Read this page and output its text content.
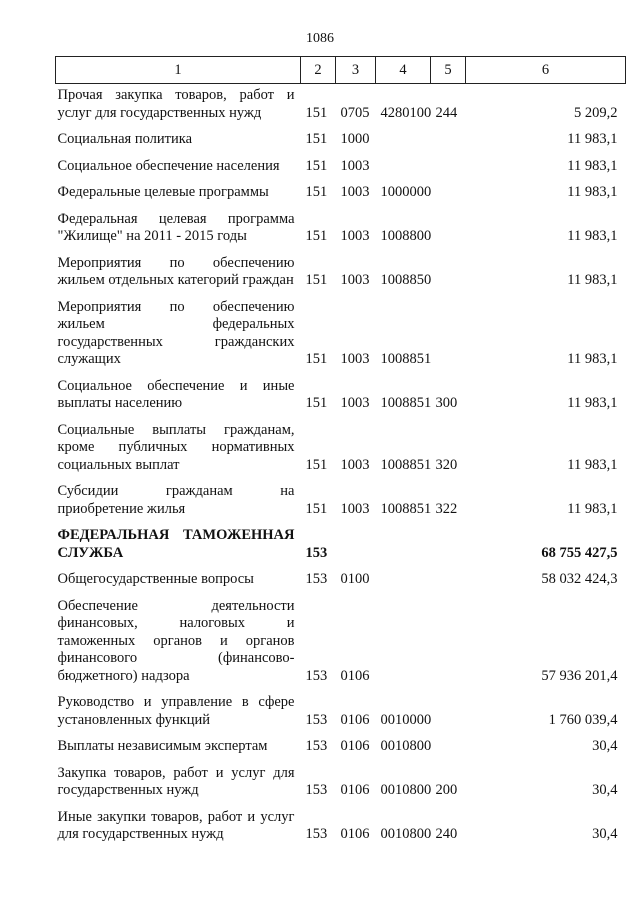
1086
1	2	3	4	5	6
Прочая закупка товаров, работ и услуг для государственных нужд	151	0705	4280100	244	5 209,2
Социальная политика	151	1000			11 983,1
Социальное обеспечение населения	151	1003			11 983,1
Федеральные целевые программы	151	1003	1000000		11 983,1
Федеральная целевая программа "Жилище" на 2011 - 2015 годы	151	1003	1008800		11 983,1
Мероприятия по обеспечению жильем отдельных категорий граждан	151	1003	1008850		11 983,1
Мероприятия по обеспечению жильем федеральных государственных гражданских служащих	151	1003	1008851		11 983,1
Социальное обеспечение и иные выплаты населению	151	1003	1008851	300	11 983,1
Социальные выплаты гражданам, кроме публичных нормативных социальных выплат	151	1003	1008851	320	11 983,1
Субсидии гражданам на приобретение жилья	151	1003	1008851	322	11 983,1
ФЕДЕРАЛЬНАЯ ТАМОЖЕННАЯ СЛУЖБА	153				68 755 427,5
Общегосударственные вопросы	153	0100			58 032 424,3
Обеспечение деятельности финансовых, налоговых и таможенных органов и органов финансового (финансово-бюджетного) надзора	153	0106			57 936 201,4
Руководство и управление в сфере установленных функций	153	0106	0010000		1 760 039,4
Выплаты независимым экспертам	153	0106	0010800		30,4
Закупка товаров, работ и услуг для государственных нужд	153	0106	0010800	200	30,4
Иные закупки товаров, работ и услуг для государственных нужд	153	0106	0010800	240	30,4
